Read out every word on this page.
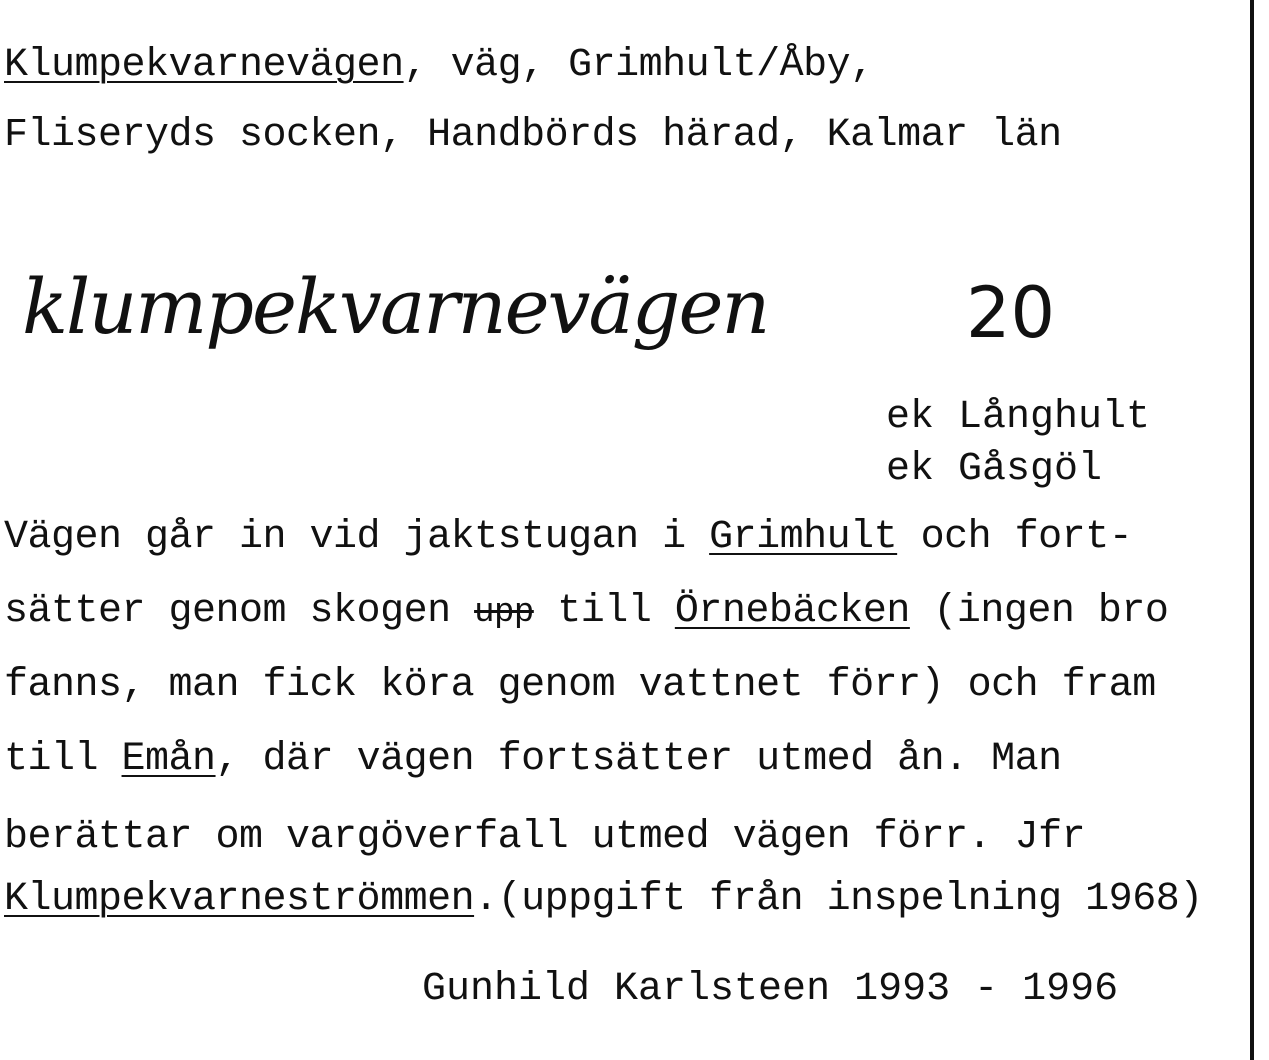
Klumpekvarnevägen, väg, Grimhult/Åby,
Fliseryds socken, Handbörds härad, Kalmar län
klumpekvarnevägen	20
ek Långhult
ek Gåsgöl
Vägen går in vid jaktstugan i Grimhult och fort-
sätter genom skogen upp till Örnebäcken (ingen bro
fanns, man fick köra genom vattnet förr) och fram
till Emån, där vägen fortsätter utmed ån. Man
berättar om vargöverfall utmed vägen förr. Jfr
Klumpekvarneströmmen.(uppgift från inspelning 1968)
Gunhild Karlsteen 1993 - 1996
